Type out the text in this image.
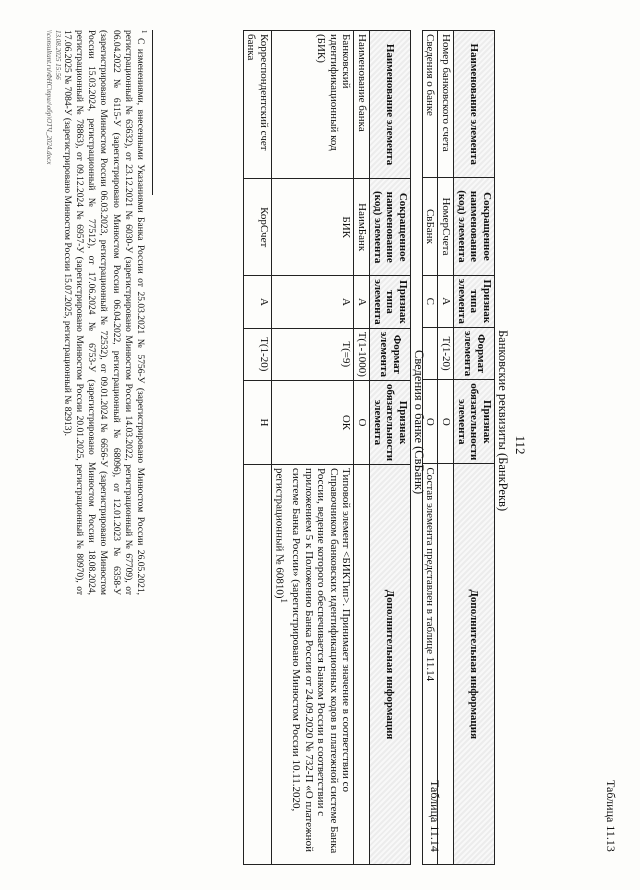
112
Таблица 11.13
Банковские реквизиты (БанкРекв)
Наименование элемента	Сокращенное наименование (код) элемента	Признак типа элемента	Формат элемента	Признак обязательности элемента	Дополнительная информация
Номер банковского счета	НомерСчета	А	Т(1-20)	О	
Сведения о банке	СвБанк	С		О	Состав элемента представлен в таблице 11.14
Таблица 11.14
Сведения о банке (СвБанк)
Наименование элемента	Сокращенное наименование (код) элемента	Признак типа элемента	Формат элемента	Признак обязательности элемента	Дополнительная информация
Наименование банка	НаимБанк	А	Т(1-1000)	О	
Банковский идентификационный код (БИК)	БИК	А	Т(=9)	ОК	Типовой элемент <БИКТип>. Принимает значение в соответствии со Справочником банковских идентификационных кодов в платежной системе Банка России, ведение которого обеспечивается Банком России в соответствии с приложением 5 к Положению Банка России от 24.09.2020 № 732-П «О платежной системе Банка России» (зарегистрировано Минюстом России 10.11.2020, регистрационный № 60810)$^1$
Корреспондентский счет банка	КорСчет	А	Т(1-20)	Н	
$^1$ С изменениями, внесенными Указаниями Банка России от 25.03.2021 № 5756-У (зарегистрировано Минюстом России 26.05.2021, регистрационный № 63632), от 23.12.2021 № 6030-У (зарегистрировано Минюстом России 14.03.2022, регистрационный № 67709), от 06.04.2022 № 6115-У (зарегистрировано Минюстом России 06.04.2022, регистрационный № 68096), от 12.01.2023 № 6358-У (зарегистрировано Минюстом России 06.03.2023, регистрационный № 72532), от 09.01.2024 № 6656-У (зарегистрировано Минюстом России 15.03.2024, регистрационный № 77512), от 17.06.2024 № 6753-У (зарегистрировано Минюстом России 18.08.2024, регистрационный № 78863), от 09.12.2024 № 6957-У (зарегистрировано Минюстом России 20.01.2025, регистрационный № 80970), от 17.06.2025 № 7084-У (зарегистрировано Минюстом России 15.07.2025, регистрационный № 82913).
13.08.2025 15:56
\\consultant.ru\ФНС\прил\обр\ОТЧ_2024.docx
